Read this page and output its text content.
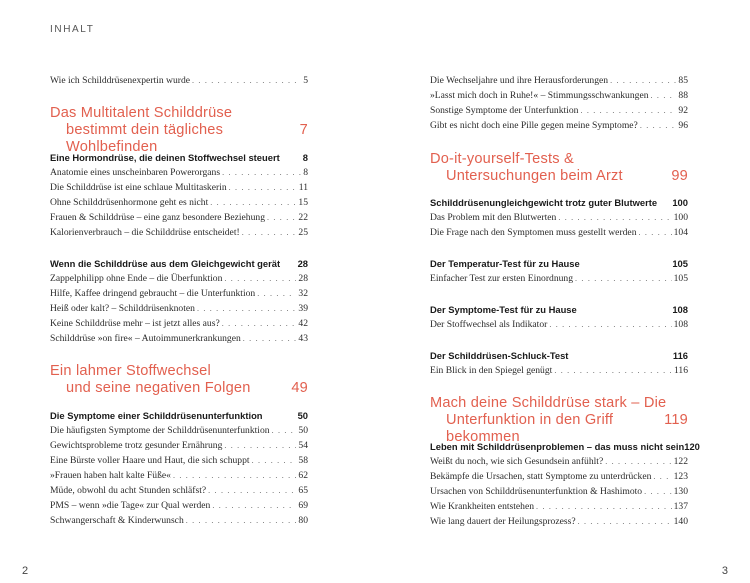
INHALT
Wie ich Schilddrüsenexpertin wurde . . .	5
Das Multitalent Schilddrüse
bestimmt dein tägliches Wohlbefinden
7
Eine Hormondrüse, die deinen Stoffwechsel steuert 8
Anatomie eines unscheinbaren Powerorgans . . .	8
Die Schilddrüse ist eine schlaue Multitaskerin . . .	11
Ohne Schilddrüsenhormone geht es nicht . . .	15
Frauen & Schilddrüse – eine ganz besondere Beziehung . . .	22
Kalorienverbrauch – die Schilddrüse entscheidet! . . .	25
Wenn die Schilddrüse aus dem Gleichgewicht gerät 28
Zappelphilipp ohne Ende – die Überfunktion . . .	28
Hilfe, Kaffee dringend gebraucht – die Unterfunktion . . .	32
Heiß oder kalt? – Schilddrüsenknoten . . .	39
Keine Schilddrüse mehr – ist jetzt alles aus? . . .	42
Schilddrüse »on fire« – Autoimmunerkrankungen . . .	43
Ein lahmer Stoffwechsel
und seine negativen Folgen	49
Die Symptome einer Schilddrüsenunterfunktion	50
Die häufigsten Symptome der Schilddrüsenunterfunktion . . .	50
Gewichtsprobleme trotz gesunder Ernährung . . .	54
Eine Bürste voller Haare und Haut, die sich schuppt . . .	58
»Frauen haben halt kalte Füße« . . .	62
Müde, obwohl du acht Stunden schläfst? . . .	65
PMS – wenn »die Tage« zur Qual werden . . .	69
Schwangerschaft & Kinderwunsch . . .	80
Die Wechseljahre und ihre Herausforderungen . . .	85
»Lasst mich doch in Ruhe!« – Stimmungsschwankungen . . .	88
Sonstige Symptome der Unterfunktion . . .	92
Gibt es nicht doch eine Pille gegen meine Symptome? . . .	96
Do-it-yourself-Tests &
Untersuchungen beim Arzt	99
Schilddrüsenungleichgewicht trotz guter Blutwerte 100
Das Problem mit den Blutwerten . . .	100
Die Frage nach den Symptomen muss gestellt werden . . .	104
Der Temperatur-Test für zu Hause	105
Einfacher Test zur ersten Einordnung . . .	105
Der Symptome-Test für zu Hause	108
Der Stoffwechsel als Indikator . . .	108
Der Schilddrüsen-Schluck-Test	116
Ein Blick in den Spiegel genügt . . .	116
Mach deine Schilddrüse stark – Die
Unterfunktion in den Griff bekommen
119
Leben mit Schilddrüsenproblemen – das muss nicht sein 120
Weißt du noch, wie sich Gesundsein anfühlt? . . .	122
Bekämpfe die Ursachen, statt Symptome zu unterdrücken . . . 123
Ursachen von Schilddrüsenunterfunktion & Hashimoto . . .	130
Wie Krankheiten entstehen . . .	137
Wie lang dauert der Heilungsprozess? . . .	140
2	3
